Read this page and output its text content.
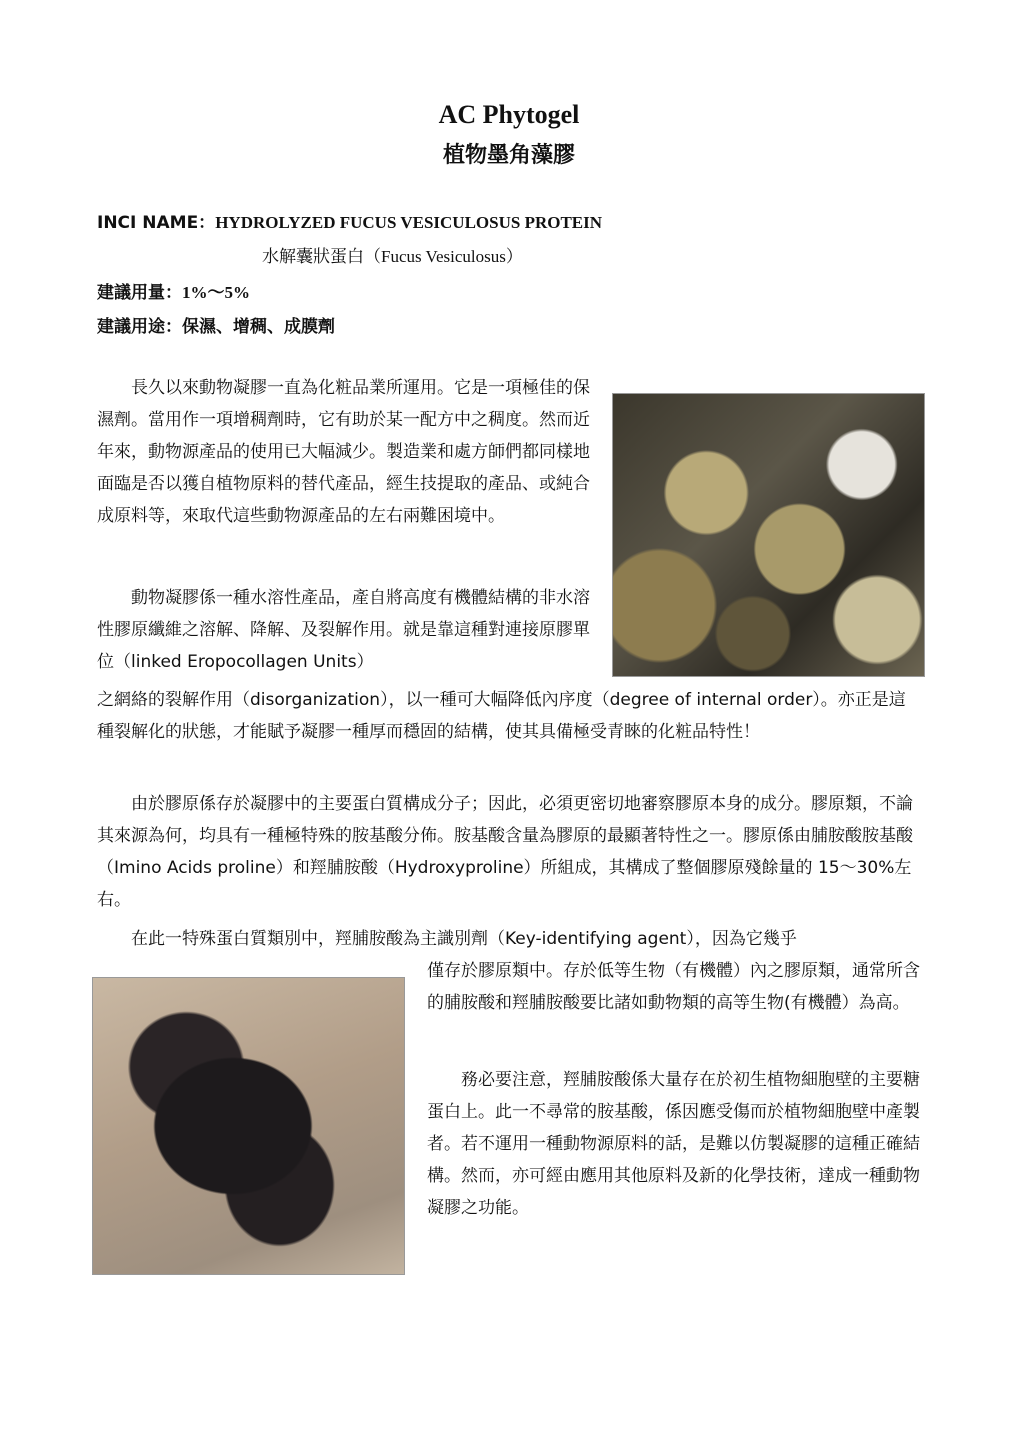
AC Phytogel
植物墨角藻膠
INCI NAME：HYDROLYZED FUCUS VESICULOSUS PROTEIN
水解囊狀蛋白（Fucus Vesiculosus）
建議用量：1%～5%
建議用途：保濕、增稠、成膜劑

長久以來動物凝膠一直為化粧品業所運用。它是一項極佳的保濕劑。當用作一項增稠劑時，它有助於某一配方中之稠度。然而近年來，動物源產品的使用已大幅減少。製造業和處方師們都同樣地面臨是否以獲自植物原料的替代產品，經生技提取的產品、或純合成原料等，來取代這些動物源產品的左右兩難困境中。

動物凝膠係一種水溶性產品，產自將高度有機體結構的非水溶性膠原纖維之溶解、降解、及裂解作用。就是靠這種對連接原膠單位（linked Eropocollagen Units）

之網絡的裂解作用（disorganization），以一種可大幅降低內序度（degree of internal order）。亦正是這種裂解化的狀態，才能賦予凝膠一種厚而穩固的結構，使其具備極受青睞的化粧品特性！

由於膠原係存於凝膠中的主要蛋白質構成分子；因此，必須更密切地審察膠原本身的成分。膠原類，不論其來源為何，均具有一種極特殊的胺基酸分佈。胺基酸含量為膠原的最顯著特性之一。膠原係由脯胺酸胺基酸（Imino Acids proline）和羥脯胺酸（Hydroxyproline）所組成，其構成了整個膠原殘餘量的 15～30%左右。

在此一特殊蛋白質類別中，羥脯胺酸為主識別劑（Key-identifying agent），因為它幾乎

僅存於膠原類中。存於低等生物（有機體）內之膠原類，通常所含的脯胺酸和羥脯胺酸要比諸如動物類的高等生物(有機體）為高。

務必要注意，羥脯胺酸係大量存在於初生植物細胞壁的主要糖蛋白上。此一不尋常的胺基酸，係因應受傷而於植物細胞壁中產製者。若不運用一種動物源原料的話，是難以仿製凝膠的這種正確結構。然而，亦可經由應用其他原料及新的化學技術，達成一種動物凝膠之功能。
